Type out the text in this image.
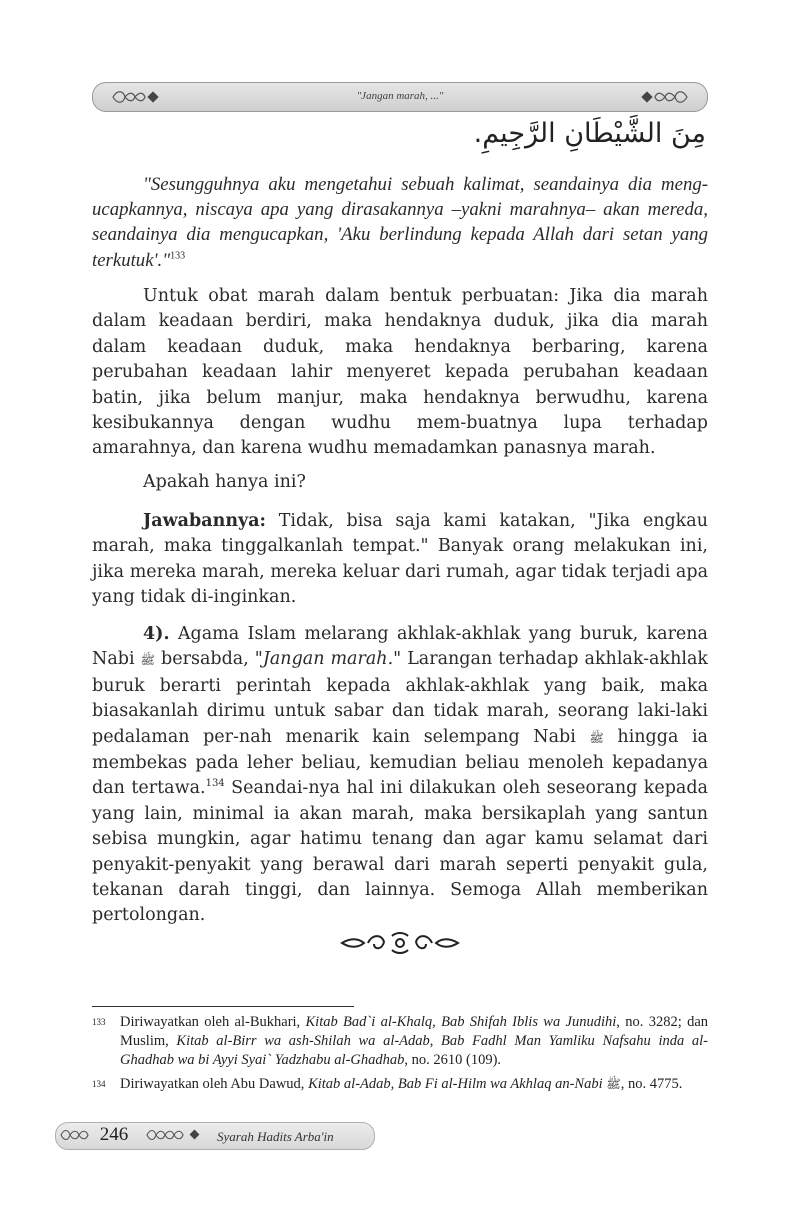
"Jangan marah, ..."
مِنَ الشَّيْطَانِ الرَّجِيمِ.

"Sesungguhnya aku mengetahui sebuah kalimat, seandainya dia meng-ucapkannya, niscaya apa yang dirasakannya –yakni marahnya– akan mereda, seandainya dia mengucapkan, 'Aku berlindung kepada Allah dari setan yang terkutuk'."$^{133}$

Untuk obat marah dalam bentuk perbuatan: Jika dia marah dalam keadaan berdiri, maka hendaknya duduk, jika dia marah dalam keadaan duduk, maka hendaknya berbaring, karena perubahan keadaan lahir menyeret kepada perubahan keadaan batin, jika belum manjur, maka hendaknya berwudhu, karena kesibukannya dengan wudhu mem-buatnya lupa terhadap amarahnya, dan karena wudhu memadamkan panasnya marah.

Apakah hanya ini?

Jawabannya: Tidak, bisa saja kami katakan, "Jika engkau marah, maka tinggalkanlah tempat." Banyak orang melakukan ini, jika mereka marah, mereka keluar dari rumah, agar tidak terjadi apa yang tidak di-inginkan.

4). Agama Islam melarang akhlak-akhlak yang buruk, karena Nabi ﷺ bersabda, "Jangan marah." Larangan terhadap akhlak-akhlak buruk berarti perintah kepada akhlak-akhlak yang baik, maka biasakanlah dirimu untuk sabar dan tidak marah, seorang laki-laki pedalaman per-nah menarik kain selempang Nabi ﷺ hingga ia membekas pada leher beliau, kemudian beliau menoleh kepadanya dan tertawa.$^{134}$ Seandai-nya hal ini dilakukan oleh seseorang kepada yang lain, minimal ia akan marah, maka bersikaplah yang santun sebisa mungkin, agar hatimu tenang dan agar kamu selamat dari penyakit-penyakit yang berawal dari marah seperti penyakit gula, tekanan darah tinggi, dan lainnya. Semoga Allah memberikan pertolongan.

133 Diriwayatkan oleh al-Bukhari, Kitab Bad`i al-Khalq, Bab Shifah Iblis wa Junudihi, no. 3282; dan Muslim, Kitab al-Birr wa ash-Shilah wa al-Adab, Bab Fadhl Man Yamliku Nafsahu inda al-Ghadhab wa bi Ayyi Syai` Yadzhabu al-Ghadhab, no. 2610 (109).

134 Diriwayatkan oleh Abu Dawud, Kitab al-Adab, Bab Fi al-Hilm wa Akhlaq an-Nabi ﷺ, no. 4775.

246	Syarah Hadits Arba'in
